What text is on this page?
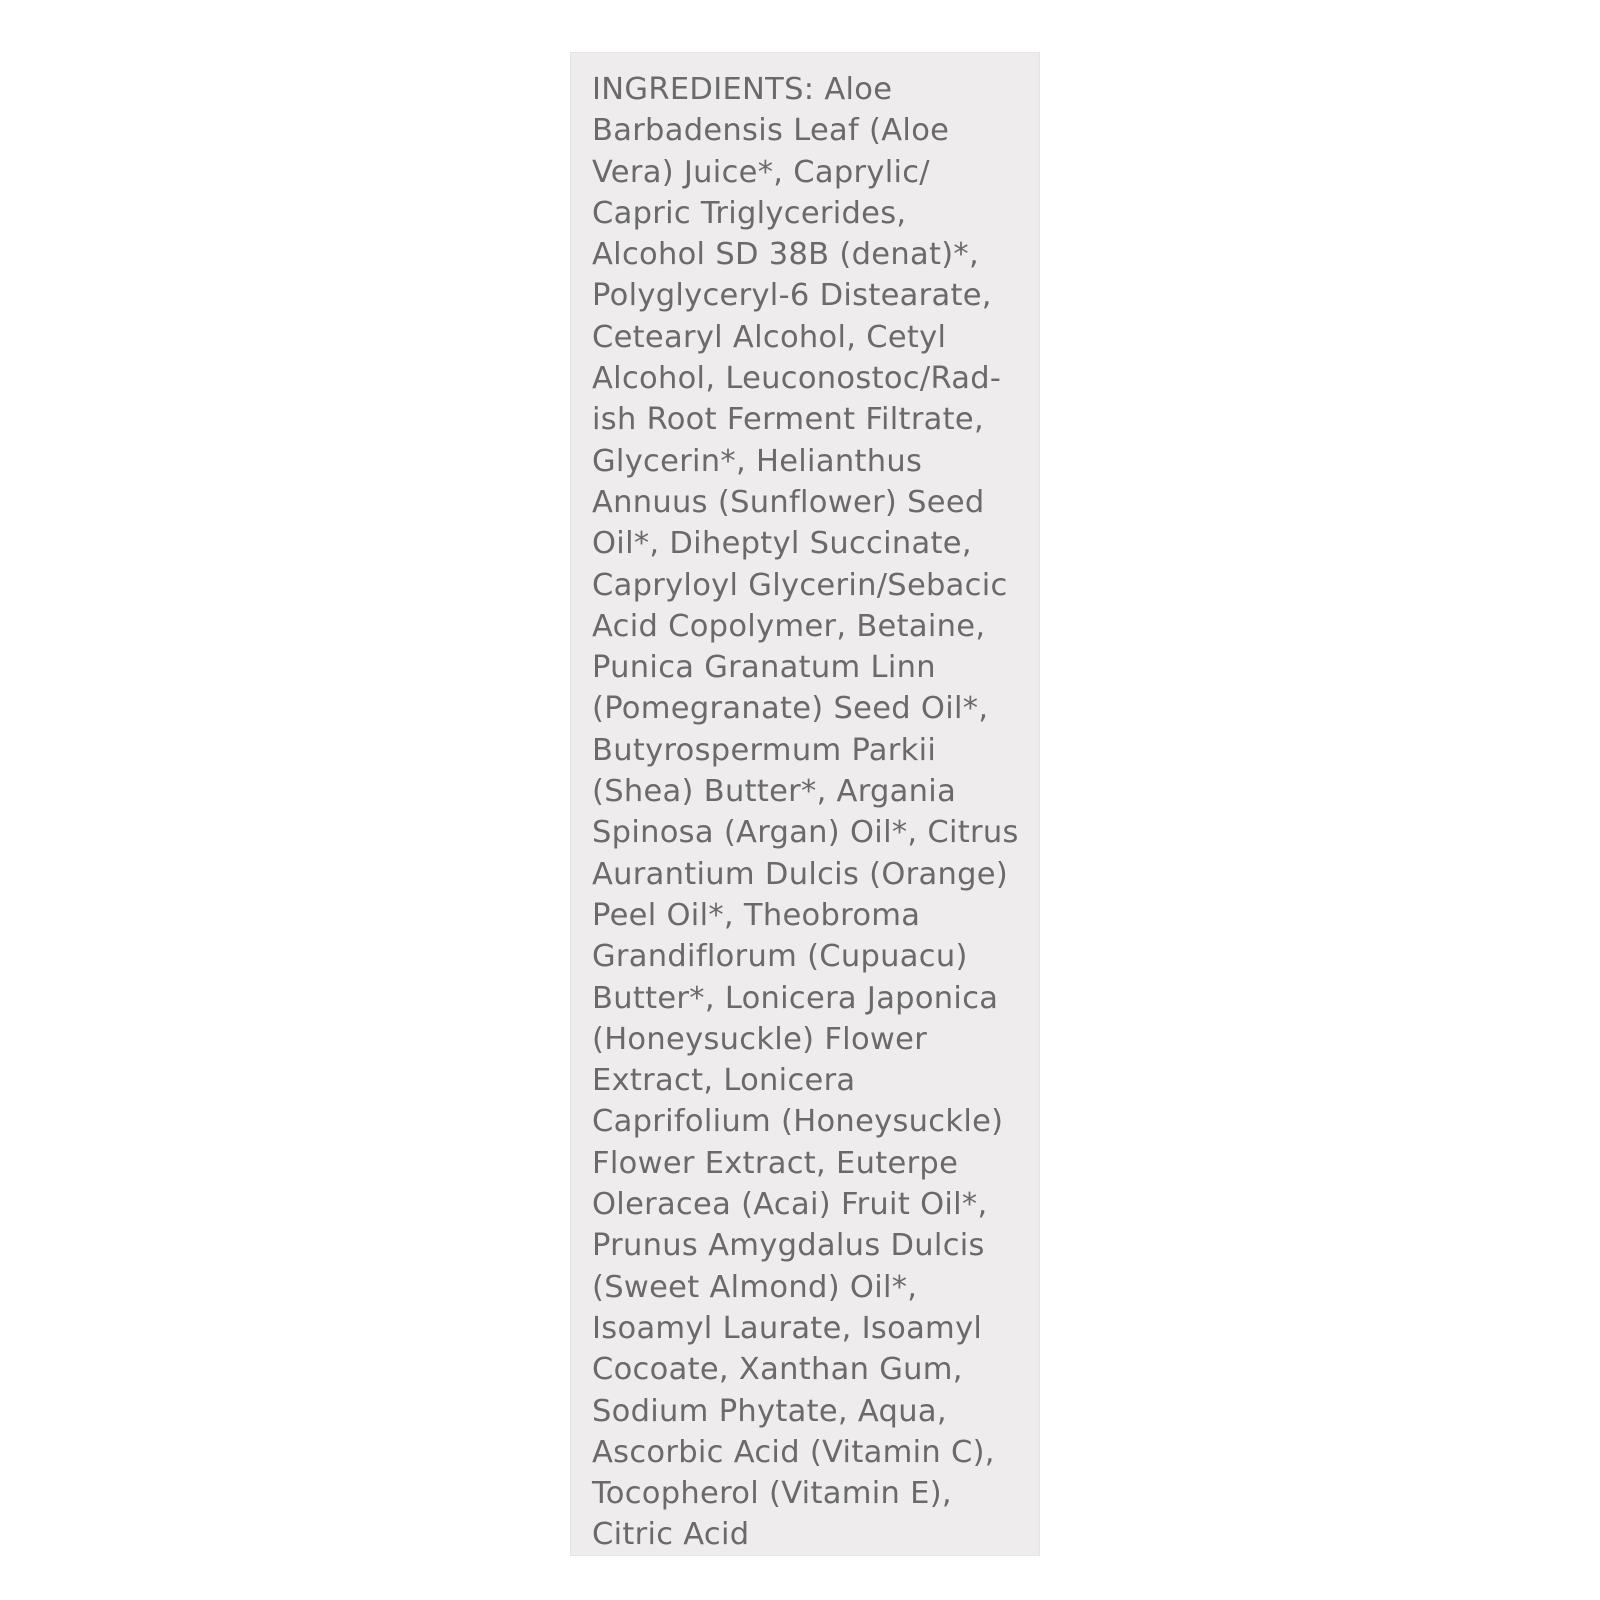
INGREDIENTS: Aloe
Barbadensis Leaf (Aloe
Vera) Juice*, Caprylic/
Capric Triglycerides,
Alcohol SD 38B (denat)*,
Polyglyceryl-6 Distearate,
Cetearyl Alcohol, Cetyl
Alcohol, Leuconostoc/Rad-
ish Root Ferment Filtrate,
Glycerin*, Helianthus
Annuus (Sunflower) Seed
Oil*, Diheptyl Succinate,
Capryloyl Glycerin/Sebacic
Acid Copolymer, Betaine,
Punica Granatum Linn
(Pomegranate) Seed Oil*,
Butyrospermum Parkii
(Shea) Butter*, Argania
Spinosa (Argan) Oil*, Citrus
Aurantium Dulcis (Orange)
Peel Oil*, Theobroma
Grandiflorum (Cupuacu)
Butter*, Lonicera Japonica
(Honeysuckle) Flower
Extract, Lonicera
Caprifolium (Honeysuckle)
Flower Extract, Euterpe
Oleracea (Acai) Fruit Oil*,
Prunus Amygdalus Dulcis
(Sweet Almond) Oil*,
Isoamyl Laurate, Isoamyl
Cocoate, Xanthan Gum,
Sodium Phytate, Aqua,
Ascorbic Acid (Vitamin C),
Tocopherol (Vitamin E),
Citric Acid
